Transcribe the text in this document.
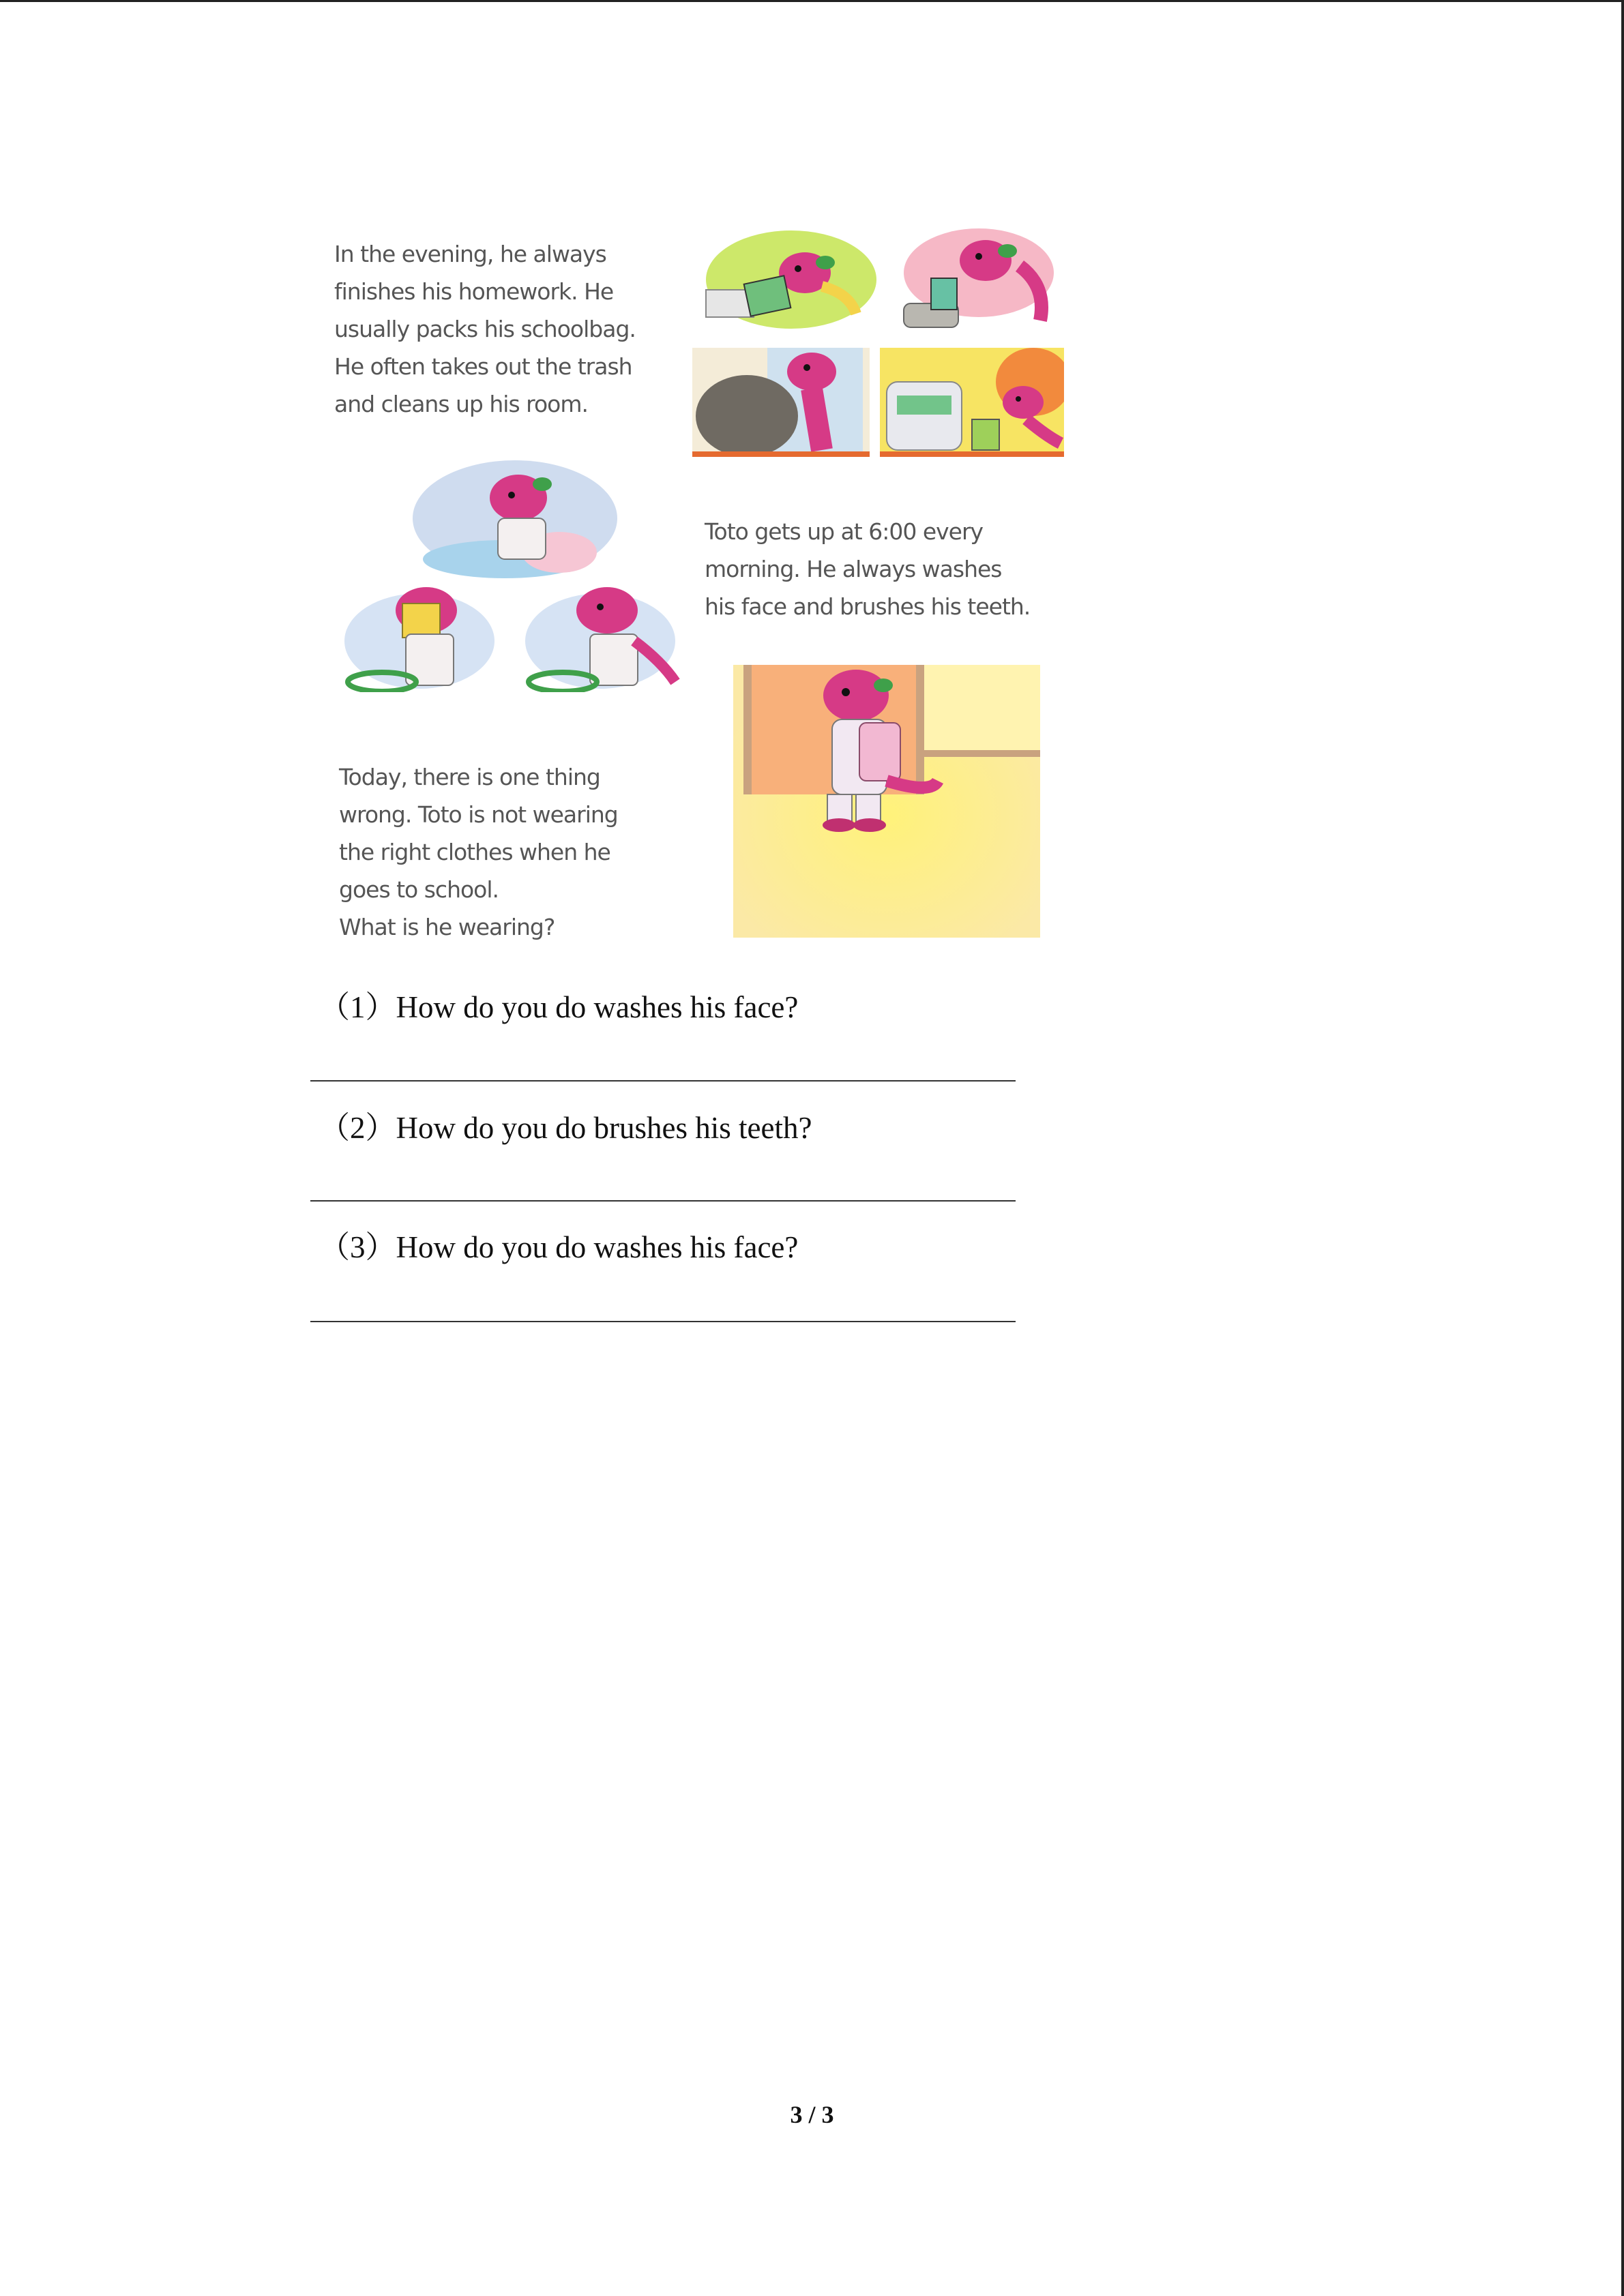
In the evening, he always
finishes his homework. He
usually packs his schoolbag.
He often takes out the trash
and cleans up his room.
Toto gets up at 6:00 every
morning. He always washes
his face and brushes his teeth.
Today, there is one thing
wrong. Toto is not wearing
the right clothes when he
goes to school.
What is he wearing?
（1）How do you do washes his face?
（2）How do you do brushes his teeth?
（3）How do you do washes his face?
3 / 3
